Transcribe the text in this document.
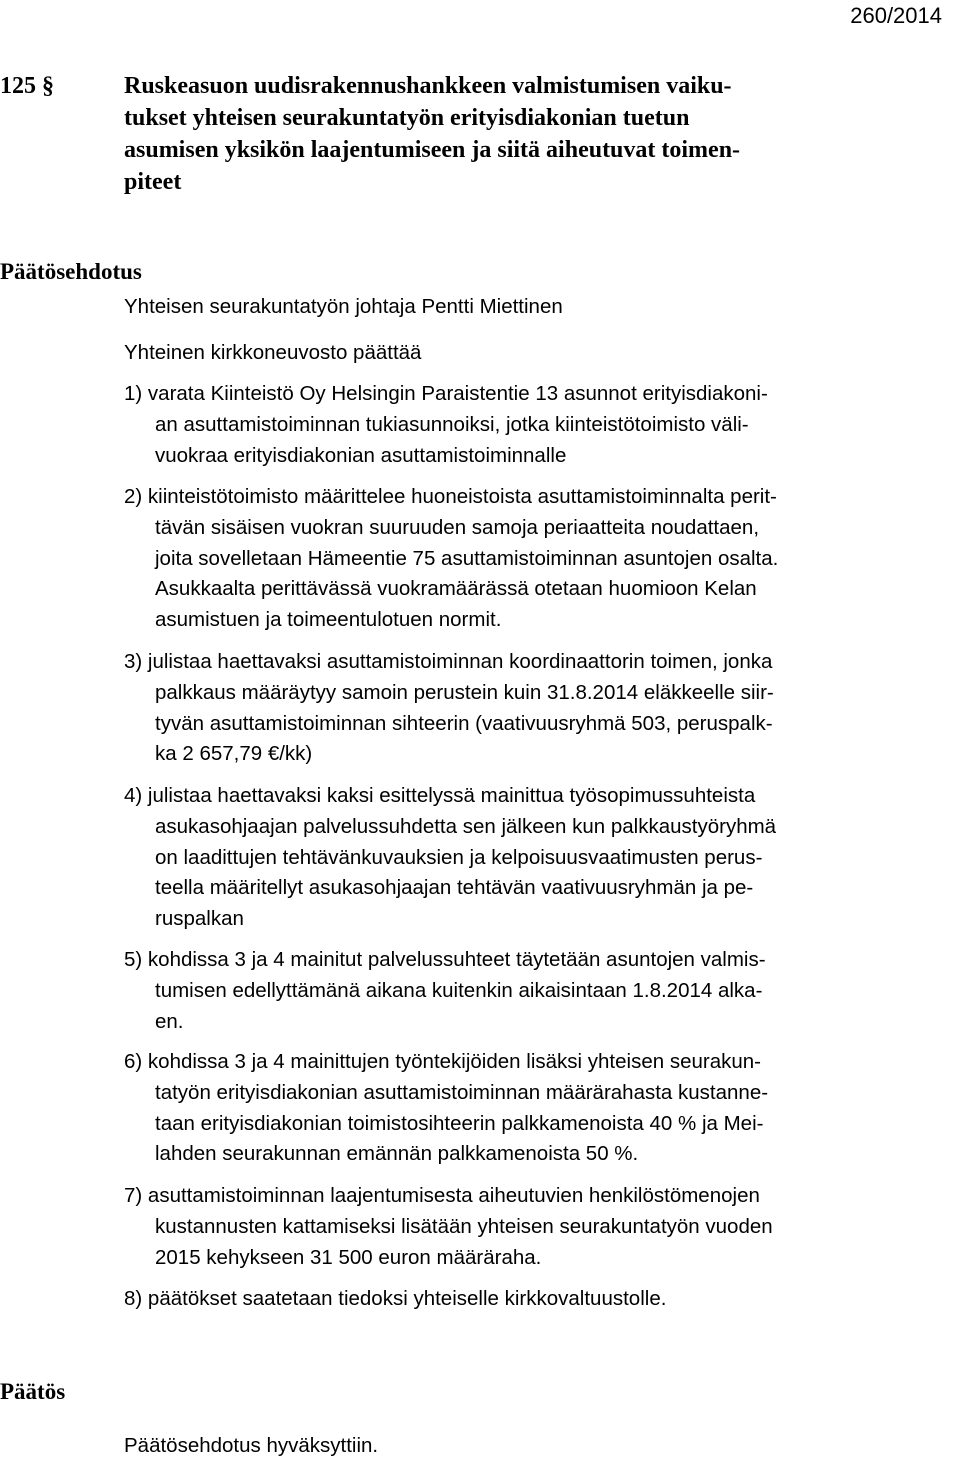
260/2014
125 §	Ruskeasuon uudisrakennushankkeen valmistumisen vaiku-
tukset yhteisen seurakuntatyön erityisdiakonian tuetun
asumisen yksikön laajentumiseen ja siitä aiheutuvat toimen-
piteet
Päätösehdotus
Yhteisen seurakuntatyön johtaja Pentti Miettinen
Yhteinen kirkkoneuvosto päättää
1) varata Kiinteistö Oy Helsingin Paraistentie 13 asunnot erityisdiakoni-
an asuttamistoiminnan tukiasunnoiksi, jotka kiinteistötoimisto väli-
vuokraa erityisdiakonian asuttamistoiminnalle
2) kiinteistötoimisto määrittelee huoneistoista asuttamistoiminnalta perit-
tävän sisäisen vuokran suuruuden samoja periaatteita noudattaen,
joita sovelletaan Hämeentie 75 asuttamistoiminnan asuntojen osalta.
Asukkaalta perittävässä vuokramäärässä otetaan huomioon Kelan
asumistuen ja toimeentulotuen normit.
3) julistaa haettavaksi asuttamistoiminnan koordinaattorin toimen, jonka
palkkaus määräytyy samoin perustein kuin 31.8.2014 eläkkeelle siir-
tyvän asuttamistoiminnan sihteerin (vaativuusryhmä 503, peruspalk-
ka 2 657,79 €/kk)
4) julistaa haettavaksi kaksi esittelyssä mainittua työsopimussuhteista
asukasohjaajan palvelussuhdetta sen jälkeen kun palkkaustyöryhmä
on laadittujen tehtävänkuvauksien ja kelpoisuusvaatimusten perus-
teella määritellyt asukasohjaajan tehtävän vaativuusryhmän ja pe-
ruspalkan
5) kohdissa 3 ja 4 mainitut palvelussuhteet täytetään asuntojen valmis-
tumisen edellyttämänä aikana kuitenkin aikaisintaan 1.8.2014 alka-
en.
6) kohdissa 3 ja 4 mainittujen työntekijöiden lisäksi yhteisen seurakun-
tatyön erityisdiakonian asuttamistoiminnan määrärahasta kustanne-
taan erityisdiakonian toimistosihteerin palkkamenoista 40 % ja Mei-
lahden seurakunnan emännän palkkamenoista 50 %.
7) asuttamistoiminnan laajentumisesta aiheutuvien henkilöstömenojen
kustannusten kattamiseksi lisätään yhteisen seurakuntatyön vuoden
2015 kehykseen 31 500 euron määräraha.
8) päätökset saatetaan tiedoksi yhteiselle kirkkovaltuustolle.
Päätös
Päätösehdotus hyväksyttiin.
